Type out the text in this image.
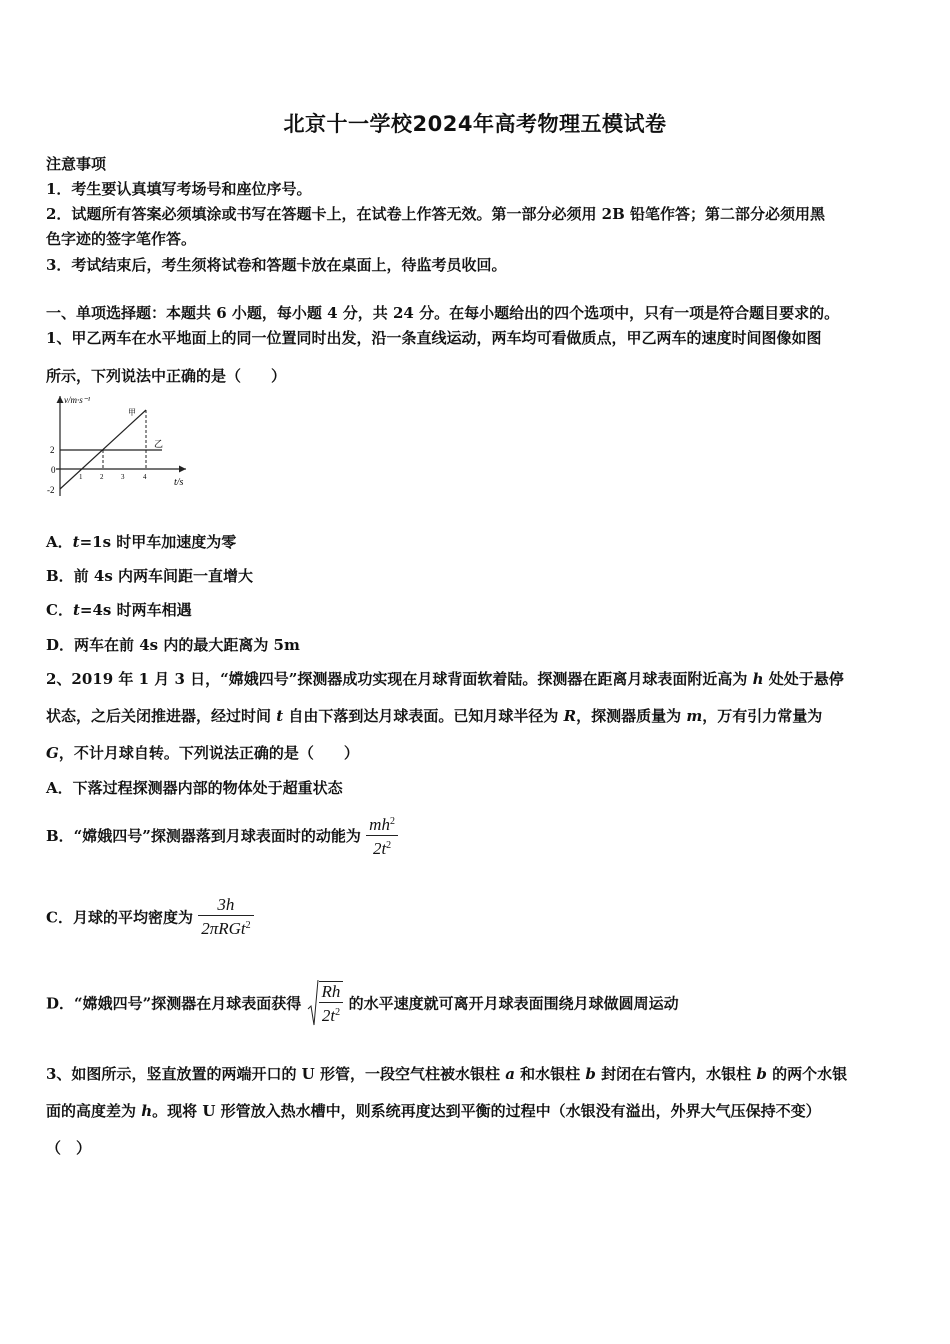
北京十一学校2024年高考物理五模试卷
注意事项
1．考生要认真填写考场号和座位序号。
2．试题所有答案必须填涂或书写在答题卡上，在试卷上作答无效。第一部分必须用 2B 铅笔作答；第二部分必须用黑
色字迹的签字笔作答。
3．考试结束后，考生须将试卷和答题卡放在桌面上，待监考员收回。
一、单项选择题：本题共 6 小题，每小题 4 分，共 24 分。在每小题给出的四个选项中，只有一项是符合题目要求的。
1、甲乙两车在水平地面上的同一位置同时出发，沿一条直线运动，两车均可看做质点，甲乙两车的速度时间图像如图
所示，下列说法中正确的是（　　）
v/m·s⁻¹
t/s
甲
乙
2
0
-2
1	2	3	4
A．t=1s 时甲车加速度为零
B．前 4s 内两车间距一直增大
C．t=4s 时两车相遇
D．两车在前 4s 内的最大距离为 5m
2、2019 年 1 月 3 日，“嫦娥四号”探测器成功实现在月球背面软着陆。探测器在距离月球表面附近高为 h 处处于悬停
状态，之后关闭推进器，经过时间 t 自由下落到达月球表面。已知月球半径为 R，探测器质量为 m，万有引力常量为
G，不计月球自转。下列说法正确的是（　　）
A．下落过程探测器内部的物体处于超重状态
B．“嫦娥四号”探测器落到月球表面时的动能为 $\frac{mh^2}{2t^2}$
C．月球的平均密度为 $\frac{3h}{2\pi RGt^2}$
D．“嫦娥四号”探测器在月球表面获得 $\frac{Rh}{2t^2}$ 的水平速度就可离开月球表面围绕月球做圆周运动
3、如图所示，竖直放置的两端开口的 U 形管，一段空气柱被水银柱 a 和水银柱 b 封闭在右管内，水银柱 b 的两个水银
面的高度差为 h。现将 U 形管放入热水槽中，则系统再度达到平衡的过程中（水银没有溢出，外界大气压保持不变）
（　）
